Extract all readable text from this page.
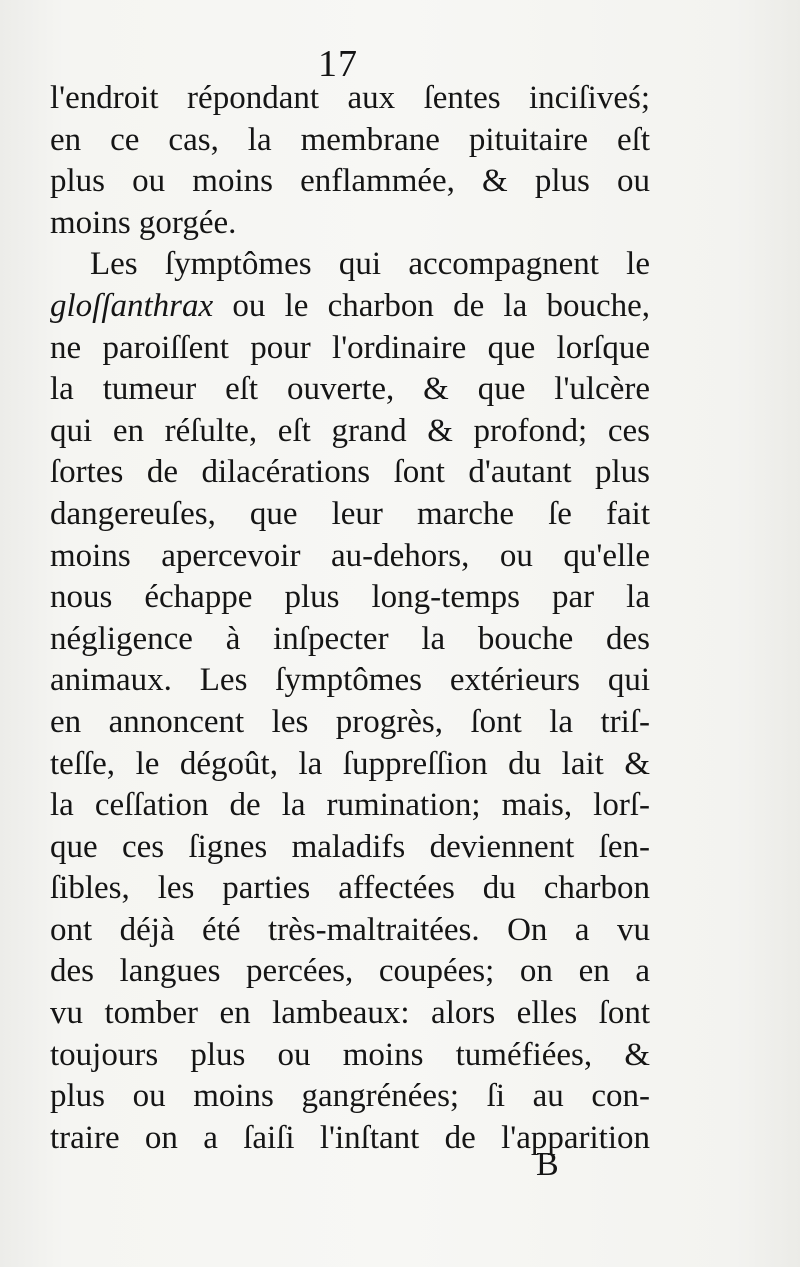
17
l'endroit répondant aux ſentes inciſiveś;
en ce cas, la membrane pituitaire eſt
plus ou moins enflammée, & plus ou
moins gorgée.
Les ſymptômes qui accompagnent le
gloſſanthrax ou le charbon de la bouche,
ne paroiſſent pour l'ordinaire que lorſque
la tumeur eſt ouverte, & que l'ulcère
qui en réſulte, eſt grand & profond; ces
ſortes de dilacérations ſont d'autant plus
dangereuſes, que leur marche ſe fait
moins apercevoir au-dehors, ou qu'elle
nous échappe plus long-temps par la
négligence à inſpecter la bouche des
animaux. Les ſymptômes extérieurs qui
en annoncent les progrès, ſont la triſ-
teſſe, le dégoût, la ſuppreſſion du lait &
la ceſſation de la rumination; mais, lorſ-
que ces ſignes maladifs deviennent ſen-
ſibles, les parties affectées du charbon
ont déjà été très-maltraitées. On a vu
des langues percées, coupées; on en a
vu tomber en lambeaux: alors elles ſont
toujours plus ou moins tuméfiées, &
plus ou moins gangrénées; ſi au con-
traire on a ſaiſi l'inſtant de l'apparition
B
